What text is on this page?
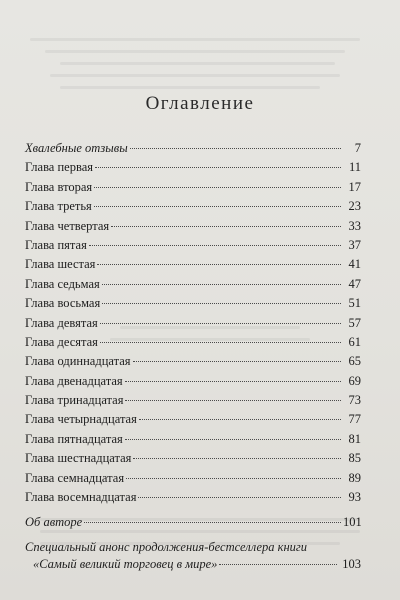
Оглавление
Хвалебные отзывы	7
Глава первая	11
Глава вторая	17
Глава третья	23
Глава четвертая	33
Глава пятая	37
Глава шестая	41
Глава седьмая	47
Глава восьмая	51
Глава девятая	57
Глава десятая	61
Глава одиннадцатая	65
Глава двенадцатая	69
Глава тринадцатая	73
Глава четырнадцатая	77
Глава пятнадцатая	81
Глава шестнадцатая	85
Глава семнадцатая	89
Глава восемнадцатая	93
Об авторе	101
Специальный анонс продолжения-бестселлера книги
«Самый великий торговец в мире»	103
